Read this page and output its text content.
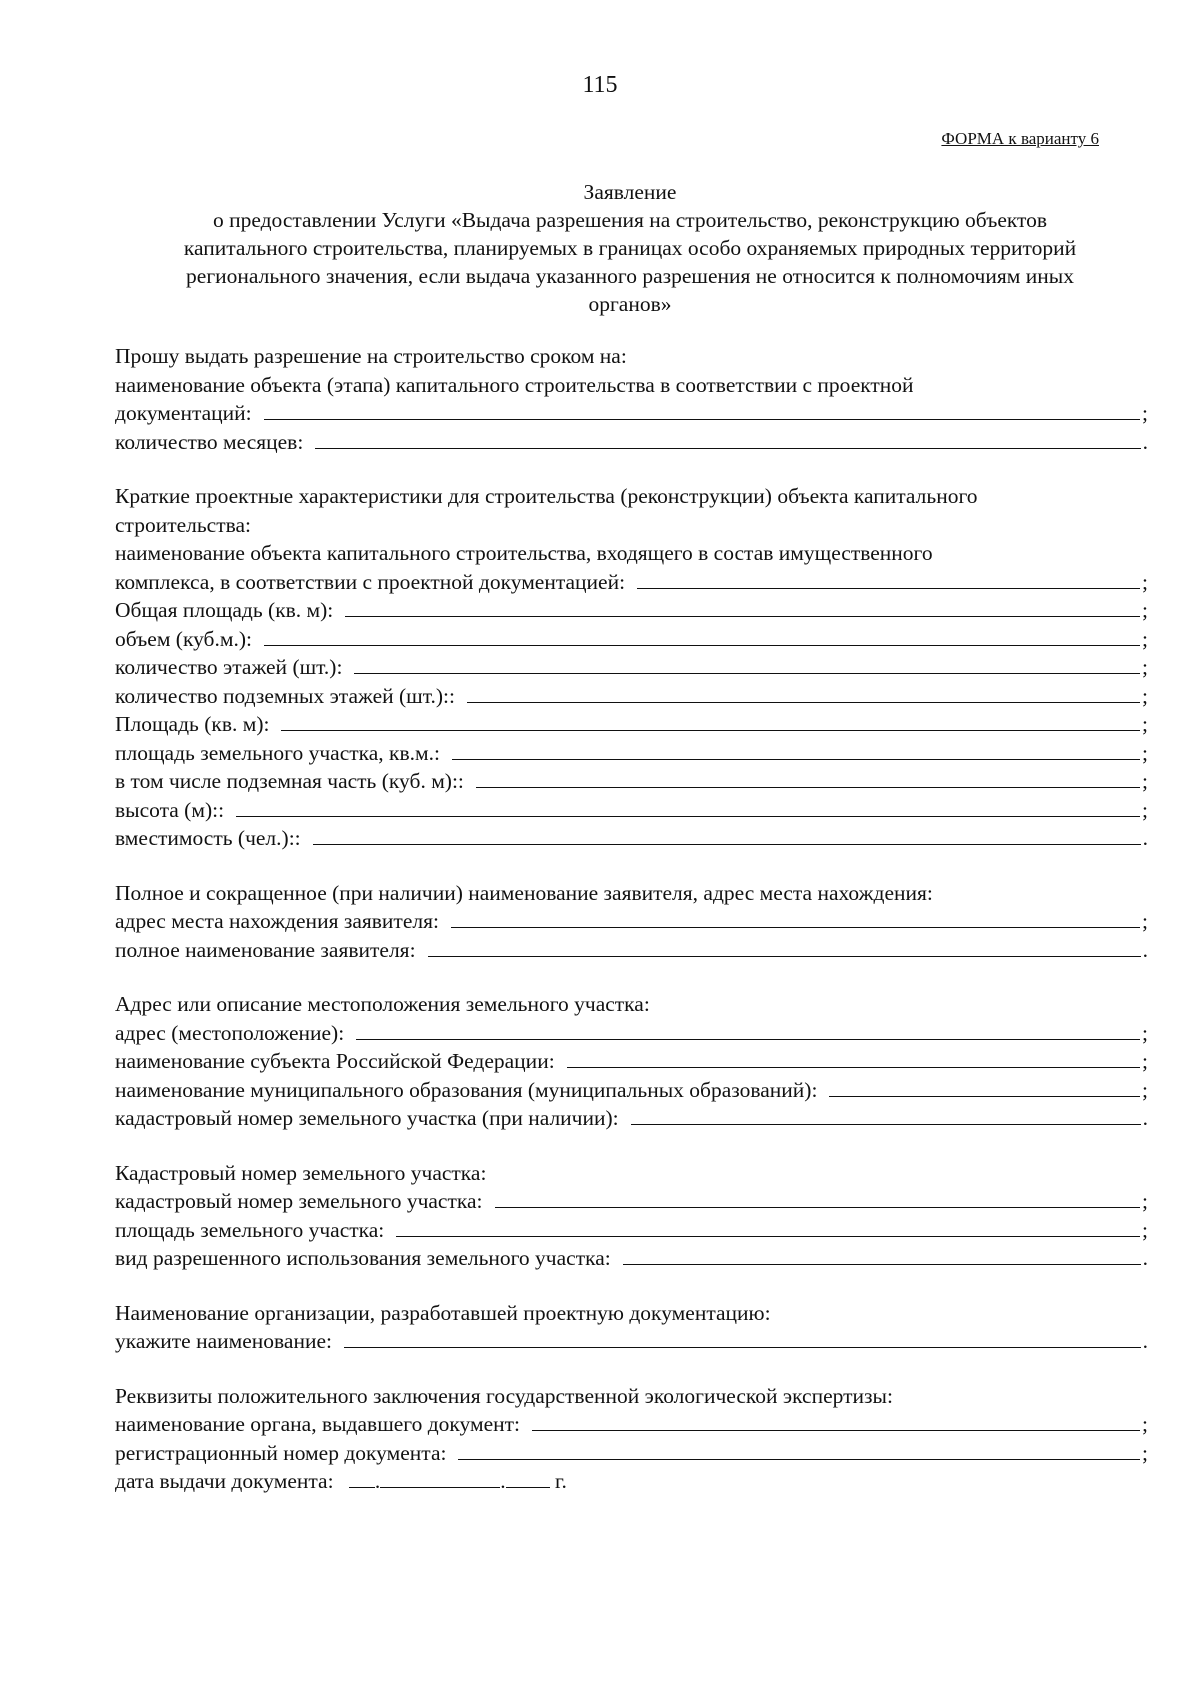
115
ФОРМА к варианту 6
Заявление
о предоставлении Услуги «Выдача разрешения на строительство, реконструкцию объектов
капитального строительства, планируемых в границах особо охраняемых природных территорий
регионального значения, если выдача указанного разрешения не относится к полномочиям иных
органов»
Прошу выдать разрешение на строительство сроком на:
наименование объекта (этапа) капитального строительства в соответствии с проектной
документаций:	;
количество месяцев:	.
Краткие проектные характеристики для строительства (реконструкции) объекта капитального
строительства:
наименование объекта капитального строительства, входящего в состав имущественного
комплекса, в соответствии с проектной документацией:	;
Общая площадь (кв. м):	;
объем (куб.м.):	;
количество этажей (шт.):	;
количество подземных этажей (шт.)::	;
Площадь (кв. м):	;
площадь земельного участка, кв.м.:	;
в том числе подземная часть (куб. м)::	;
высота (м)::	;
вместимость (чел.)::	.
Полное и сокращенное (при наличии) наименование заявителя, адрес места нахождения:
адрес места нахождения заявителя:	;
полное наименование заявителя:	.
Адрес или описание местоположения земельного участка:
адрес (местоположение):	;
наименование субъекта Российской Федерации:	;
наименование муниципального образования (муниципальных образований):	;
кадастровый номер земельного участка (при наличии):	.
Кадастровый номер земельного участка:
кадастровый номер земельного участка:	;
площадь земельного участка:	;
вид разрешенного использования земельного участка:	.
Наименование организации, разработавшей проектную документацию:
укажите наименование:	.
Реквизиты положительного заключения государственной экологической экспертизы:
наименование органа, выдавшего документ:	;
регистрационный номер документа:	;
дата выдачи документа: .	. г.
